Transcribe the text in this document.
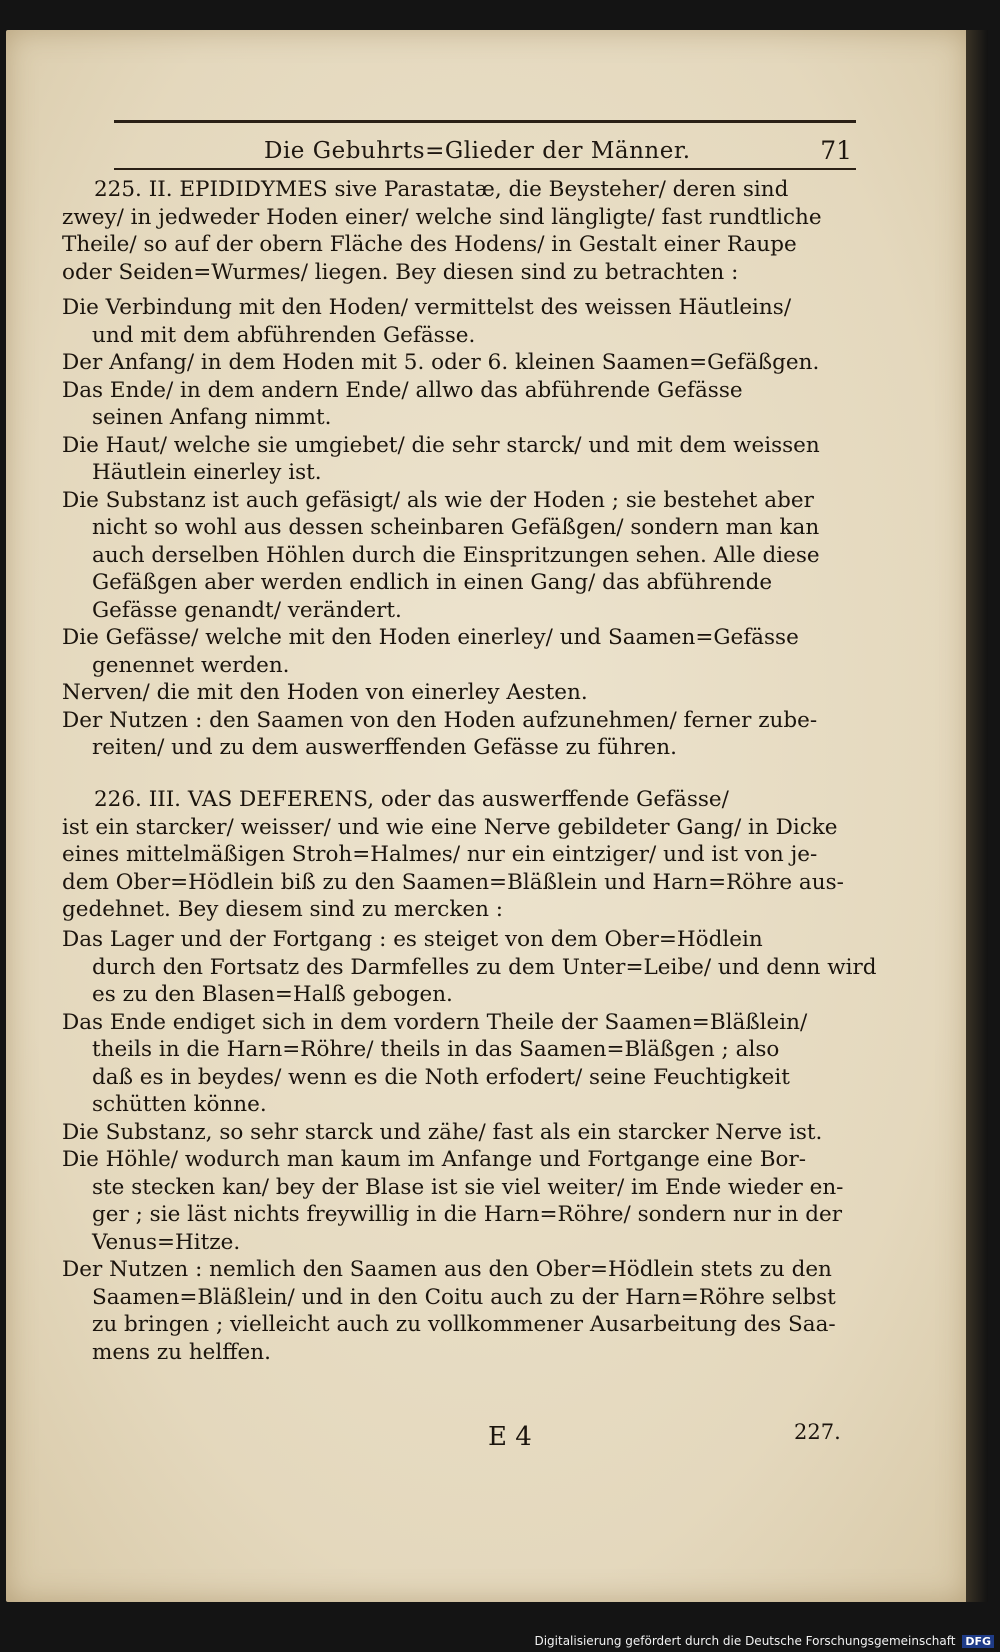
Die Gebuhrts=Glieder der Männer.	71
225. II. EPIDIDYMES sive Parastatæ, die Beysteher/ deren sind
zwey/ in jedweder Hoden einer/ welche sind längligte/ fast rundtliche
Theile/ so auf der obern Fläche des Hodens/ in Gestalt einer Raupe
oder Seiden=Wurmes/ liegen. Bey diesen sind zu betrachten :
Die Verbindung mit den Hoden/ vermittelst des weissen Häutleins/
und mit dem abführenden Gefässe.
Der Anfang/ in dem Hoden mit 5. oder 6. kleinen Saamen=Gefäßgen.
Das Ende/ in dem andern Ende/ allwo das abführende Gefässe
seinen Anfang nimmt.
Die Haut/ welche sie umgiebet/ die sehr starck/ und mit dem weissen
Häutlein einerley ist.
Die Substanz ist auch gefäsigt/ als wie der Hoden ; sie bestehet aber
nicht so wohl aus dessen scheinbaren Gefäßgen/ sondern man kan
auch derselben Höhlen durch die Einspritzungen sehen. Alle diese
Gefäßgen aber werden endlich in einen Gang/ das abführende
Gefässe genandt/ verändert.
Die Gefässe/ welche mit den Hoden einerley/ und Saamen=Gefässe
genennet werden.
Nerven/ die mit den Hoden von einerley Aesten.
Der Nutzen : den Saamen von den Hoden aufzunehmen/ ferner zube-
reiten/ und zu dem auswerffenden Gefässe zu führen.
226. III. VAS DEFERENS, oder das auswerffende Gefässe/
ist ein starcker/ weisser/ und wie eine Nerve gebildeter Gang/ in Dicke
eines mittelmäßigen Stroh=Halmes/ nur ein eintziger/ und ist von je-
dem Ober=Hödlein biß zu den Saamen=Bläßlein und Harn=Röhre aus-
gedehnet. Bey diesem sind zu mercken :
Das Lager und der Fortgang : es steiget von dem Ober=Hödlein
durch den Fortsatz des Darmfelles zu dem Unter=Leibe/ und denn wird
es zu den Blasen=Halß gebogen.
Das Ende endiget sich in dem vordern Theile der Saamen=Bläßlein/
theils in die Harn=Röhre/ theils in das Saamen=Bläßgen ; also
daß es in beydes/ wenn es die Noth erfodert/ seine Feuchtigkeit
schütten könne.
Die Substanz, so sehr starck und zähe/ fast als ein starcker Nerve ist.
Die Höhle/ wodurch man kaum im Anfange und Fortgange eine Bor-
ste stecken kan/ bey der Blase ist sie viel weiter/ im Ende wieder en-
ger ; sie läst nichts freywillig in die Harn=Röhre/ sondern nur in der
Venus=Hitze.
Der Nutzen : nemlich den Saamen aus den Ober=Hödlein stets zu den
Saamen=Bläßlein/ und in den Coitu auch zu der Harn=Röhre selbst
zu bringen ; vielleicht auch zu vollkommener Ausarbeitung des Saa-
mens zu helffen.
E 4	227.
Digitalisierung gefördert durch die Deutsche Forschungsgemeinschaft DFG
